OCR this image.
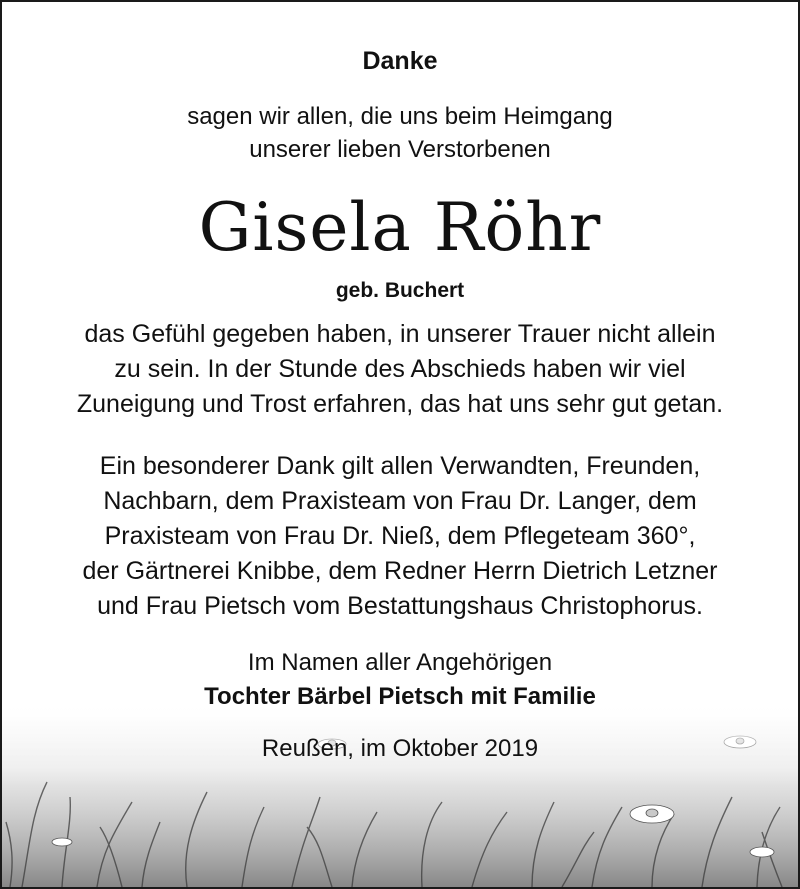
Danke
sagen wir allen, die uns beim Heimgang
unserer lieben Verstorbenen
Gisela Röhr
geb. Buchert
das Gefühl gegeben haben, in unserer Trauer nicht allein
zu sein. In der Stunde des Abschieds haben wir viel
Zuneigung und Trost erfahren, das hat uns sehr gut getan.
Ein besonderer Dank gilt allen Verwandten, Freunden,
Nachbarn, dem Praxisteam von Frau Dr. Langer, dem
Praxisteam von Frau Dr. Nieß, dem Pflegeteam 360°,
der Gärtnerei Knibbe, dem Redner Herrn Dietrich Letzner
und Frau Pietsch vom Bestattungshaus Christophorus.
Im Namen aller Angehörigen
Tochter Bärbel Pietsch mit Familie
Reußen, im Oktober 2019
